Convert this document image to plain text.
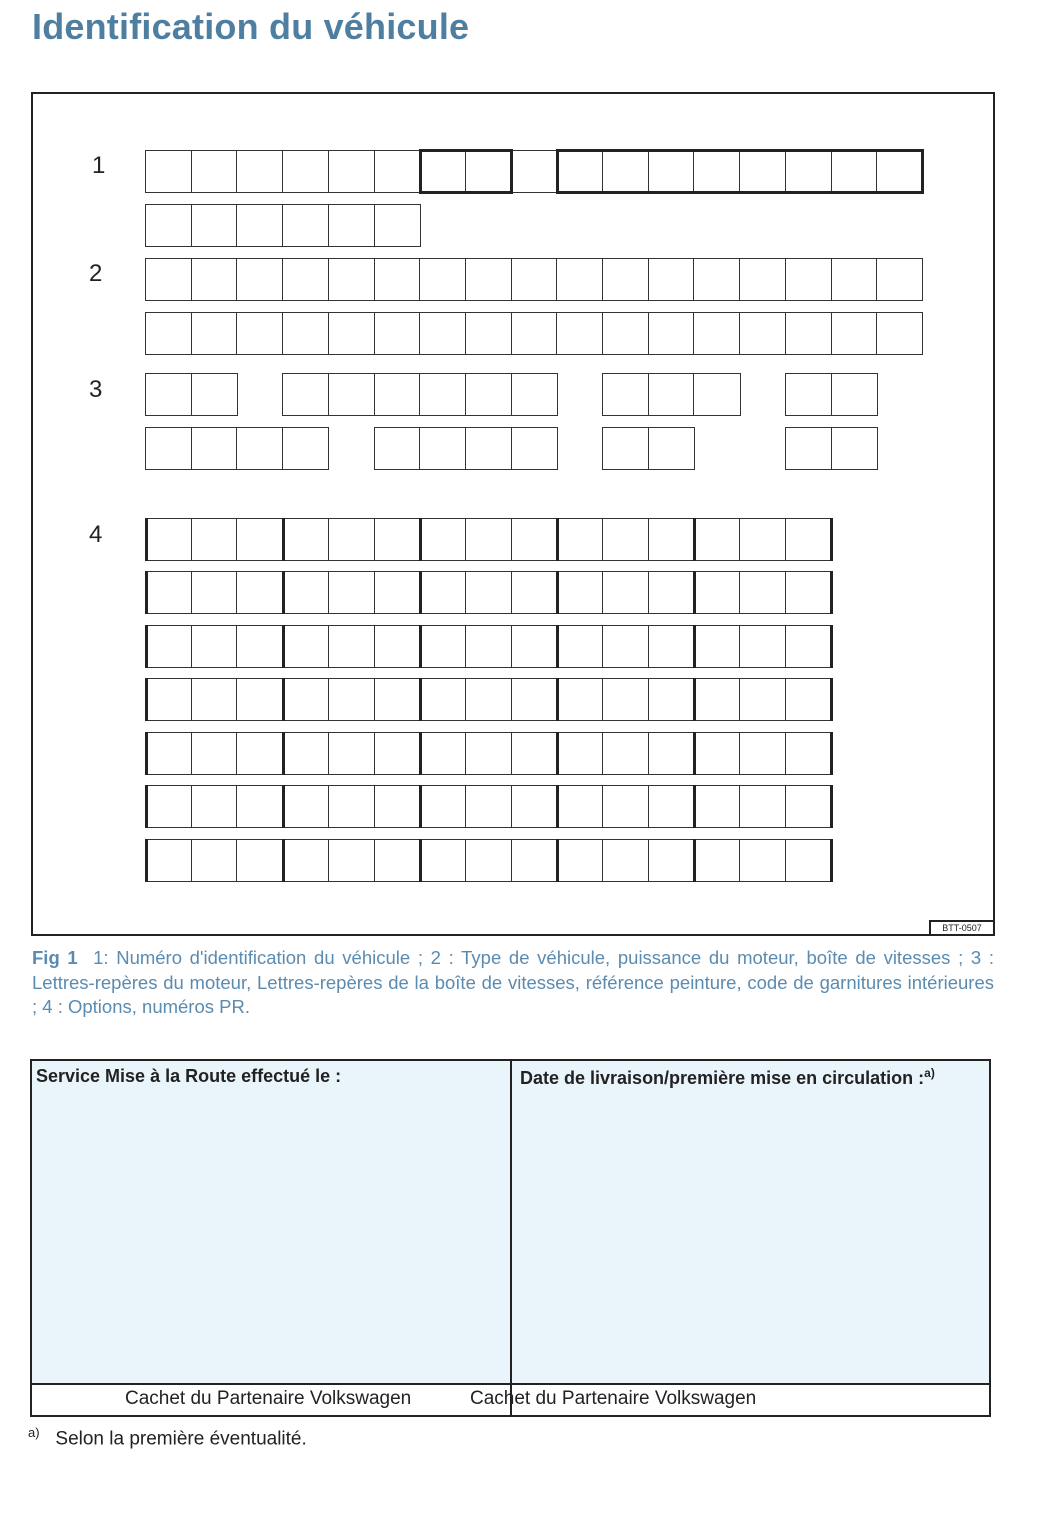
Identification du véhicule
1
2
3
4
BTT-0507
Fig 1 1: Numéro d'identification du véhicule ; 2 : Type de véhicule, puissance du moteur, boîte de vitesses ; 3 : Lettres-repères du moteur, Lettres-repères de la boîte de vitesses, référence peinture, code de garnitures intérieures ; 4 : Options, numéros PR.
Service Mise à la Route effectué le :	Date de livraison/première mise en circulation :$^{a)}$
Cachet du Partenaire Volkswagen	Cachet du Partenaire Volkswagen
$^{a)}$ Selon la première éventualité.
